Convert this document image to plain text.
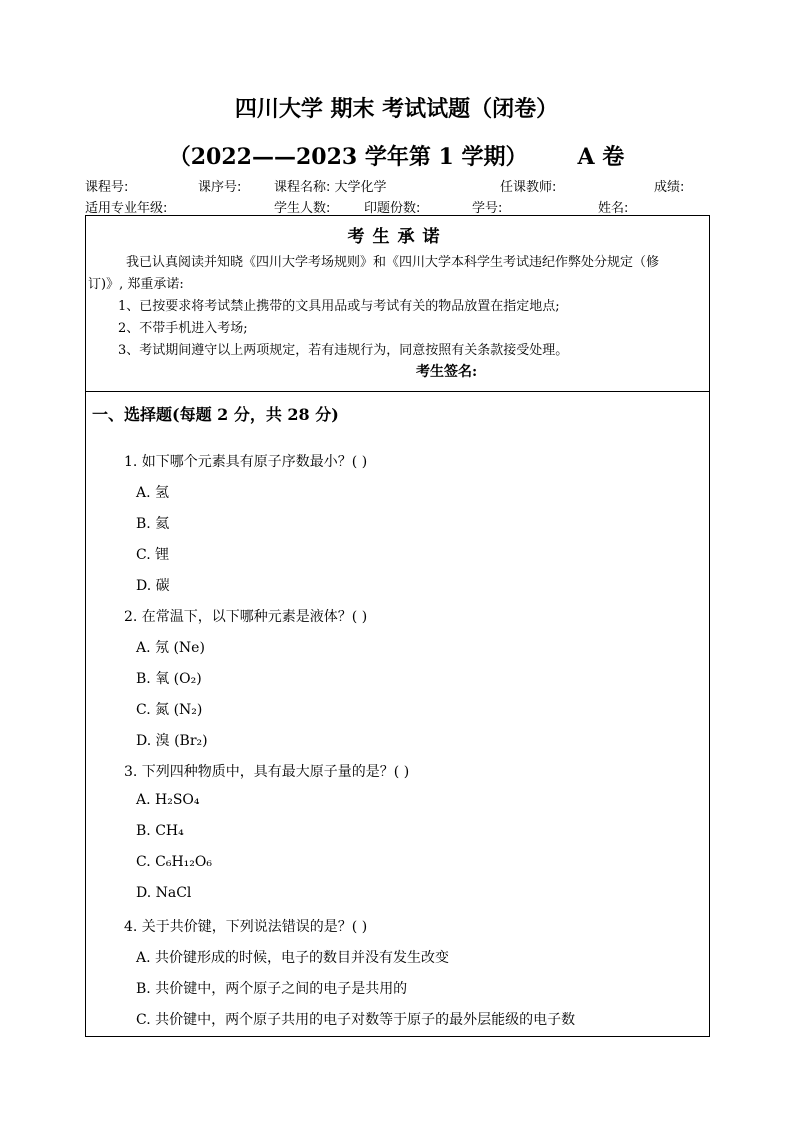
四川大学 期末 考试试题（闭卷）
（2022——2023 学年第 1 学期） A 卷
课程号:	课序号:	课程名称: 大学化学	任课教师:	成绩:
适用专业年级:	学生人数:	印题份数:	学号:	姓名:
考生承诺
我已认真阅读并知晓《四川大学考场规则》和《四川大学本科学生考试违纪作弊处分规定（修
订)》, 郑重承诺:
1、已按要求将考试禁止携带的文具用品或与考试有关的物品放置在指定地点;
2、不带手机进入考场;
3、考试期间遵守以上两项规定，若有违规行为，同意按照有关条款接受处理。
考生签名:
一、选择题(每题 2 分，共 28 分)
1. 如下哪个元素具有原子序数最小？( )
A. 氢
B. 氦
C. 锂
D. 碳
2. 在常温下，以下哪种元素是液体？( )
A. 氖 (Ne)
B. 氧 (O₂)
C. 氮 (N₂)
D. 溴 (Br₂)
3. 下列四种物质中，具有最大原子量的是？( )
A. H₂SO₄
B. CH₄
C. C₆H₁₂O₆
D. NaCl
4. 关于共价键，下列说法错误的是？( )
A. 共价键形成的时候，电子的数目并没有发生改变
B. 共价键中，两个原子之间的电子是共用的
C. 共价键中，两个原子共用的电子对数等于原子的最外层能级的电子数
